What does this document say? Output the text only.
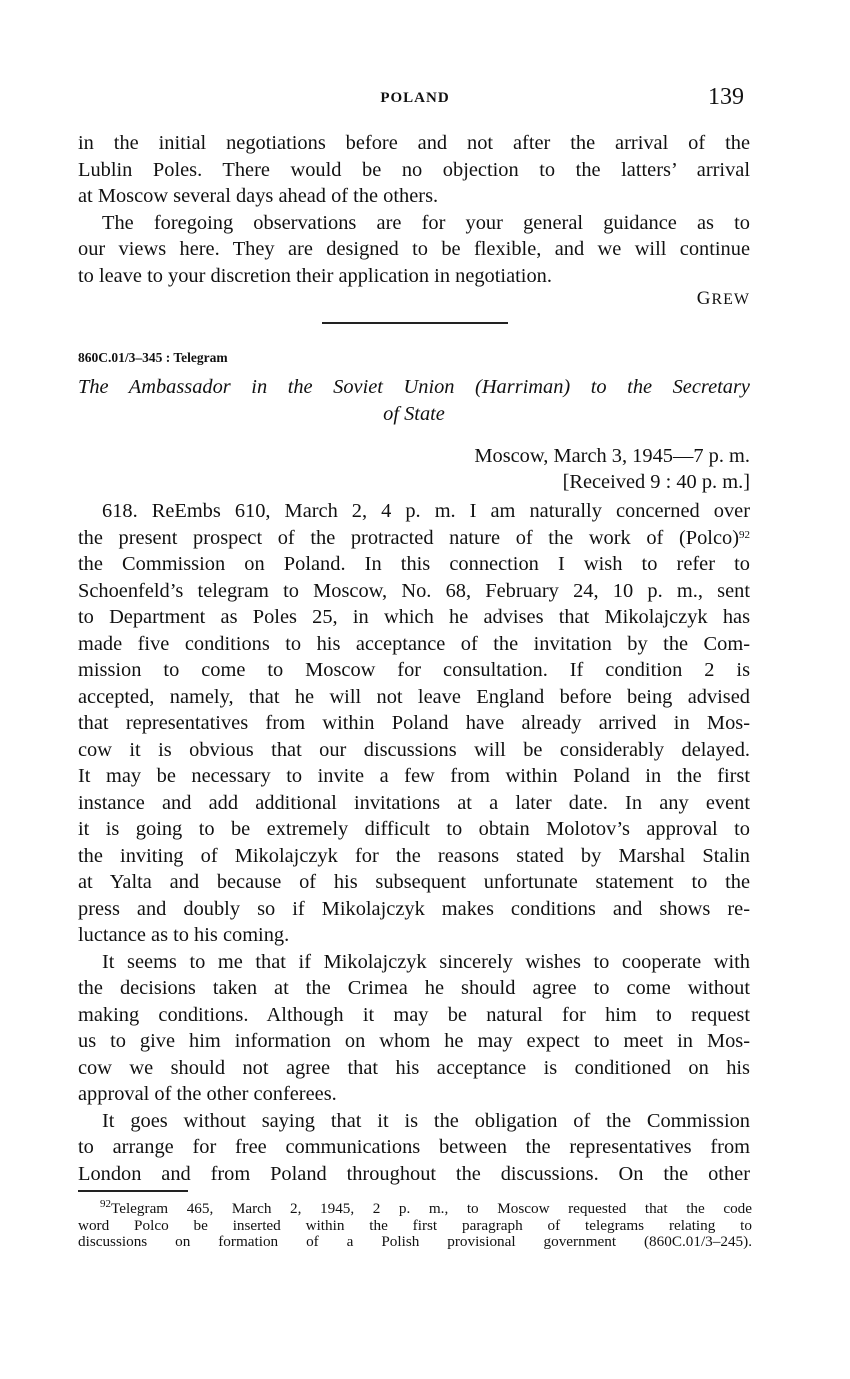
POLAND	139
in the initial negotiations before and not after the arrival of the
Lublin Poles. There would be no objection to the latters’ arrival
at Moscow several days ahead of the others.
The foregoing observations are for your general guidance as to
our views here. They are designed to be flexible, and we will continue
to leave to your discretion their application in negotiation.
GREW
860C.01/3–345 : Telegram
The Ambassador in the Soviet Union (Harriman) to the Secretary
of State
Moscow, March 3, 1945—7 p. m.
[Received 9 : 40 p. m.]
618. ReEmbs 610, March 2, 4 p. m. I am naturally concerned over
the present prospect of the protracted nature of the work of (Polco)$^{92}$
the Commission on Poland. In this connection I wish to refer to
Schoenfeld’s telegram to Moscow, No. 68, February 24, 10 p. m., sent
to Department as Poles 25, in which he advises that Mikolajczyk has
made five conditions to his acceptance of the invitation by the Com-
mission to come to Moscow for consultation. If condition 2 is
accepted, namely, that he will not leave England before being advised
that representatives from within Poland have already arrived in Mos-
cow it is obvious that our discussions will be considerably delayed.
It may be necessary to invite a few from within Poland in the first
instance and add additional invitations at a later date. In any event
it is going to be extremely difficult to obtain Molotov’s approval to
the inviting of Mikolajczyk for the reasons stated by Marshal Stalin
at Yalta and because of his subsequent unfortunate statement to the
press and doubly so if Mikolajczyk makes conditions and shows re-
luctance as to his coming.
It seems to me that if Mikolajczyk sincerely wishes to cooperate with
the decisions taken at the Crimea he should agree to come without
making conditions. Although it may be natural for him to request
us to give him information on whom he may expect to meet in Mos-
cow we should not agree that his acceptance is conditioned on his
approval of the other conferees.
It goes without saying that it is the obligation of the Commission
to arrange for free communications between the representatives from
London and from Poland throughout the discussions. On the other
$^{92}$Telegram 465, March 2, 1945, 2 p. m., to Moscow requested that the code
word Polco be inserted within the first paragraph of telegrams relating to
discussions on formation of a Polish provisional government (860C.01/3–245).
